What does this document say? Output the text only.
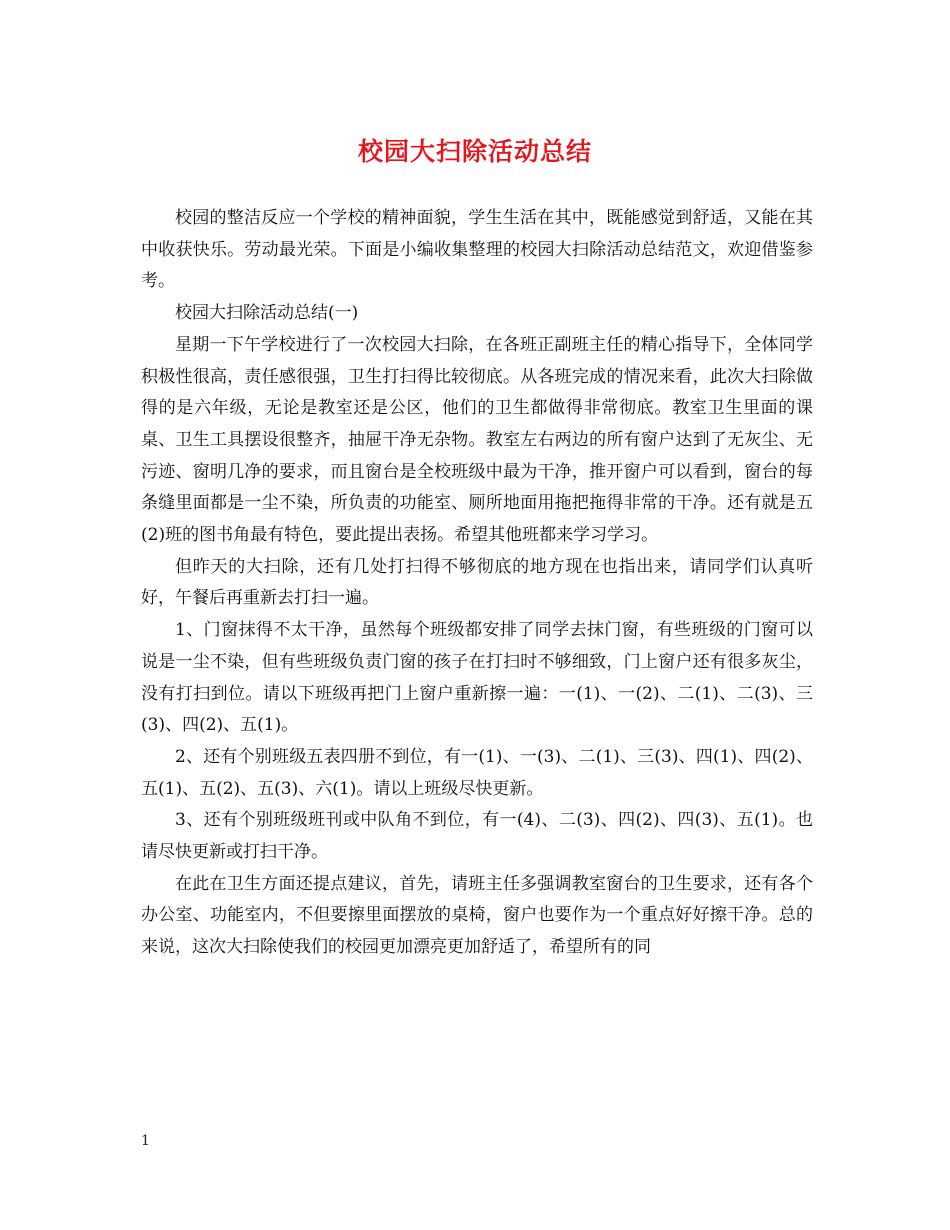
校园大扫除活动总结

校园的整洁反应一个学校的精神面貌，学生生活在其中，既能感觉到舒适，又能在其中收获快乐。劳动最光荣。下面是小编收集整理的校园大扫除活动总结范文，欢迎借鉴参考。

校园大扫除活动总结(一)

星期一下午学校进行了一次校园大扫除，在各班正副班主任的精心指导下，全体同学积极性很高，责任感很强，卫生打扫得比较彻底。从各班完成的情况来看，此次大扫除做得的是六年级，无论是教室还是公区，他们的卫生都做得非常彻底。教室卫生里面的课桌、卫生工具摆设很整齐，抽屉干净无杂物。教室左右两边的所有窗户达到了无灰尘、无污迹、窗明几净的要求，而且窗台是全校班级中最为干净，推开窗户可以看到，窗台的每条缝里面都是一尘不染，所负责的功能室、厕所地面用拖把拖得非常的干净。还有就是五(2)班的图书角最有特色，要此提出表扬。希望其他班都来学习学习。

但昨天的大扫除，还有几处打扫得不够彻底的地方现在也指出来，请同学们认真听好，午餐后再重新去打扫一遍。

1、门窗抹得不太干净，虽然每个班级都安排了同学去抹门窗，有些班级的门窗可以说是一尘不染，但有些班级负责门窗的孩子在打扫时不够细致，门上窗户还有很多灰尘，没有打扫到位。请以下班级再把门上窗户重新擦一遍：一(1)、一(2)、二(1)、二(3)、三(3)、四(2)、五(1)。

2、还有个别班级五表四册不到位，有一(1)、一(3)、二(1)、三(3)、四(1)、四(2)、五(1)、五(2)、五(3)、六(1)。请以上班级尽快更新。

3、还有个别班级班刊或中队角不到位，有一(4)、二(3)、四(2)、四(3)、五(1)。也请尽快更新或打扫干净。

在此在卫生方面还提点建议，首先，请班主任多强调教室窗台的卫生要求，还有各个办公室、功能室内，不但要擦里面摆放的桌椅，窗户也要作为一个重点好好擦干净。总的来说，这次大扫除使我们的校园更加漂亮更加舒适了，希望所有的同

1
